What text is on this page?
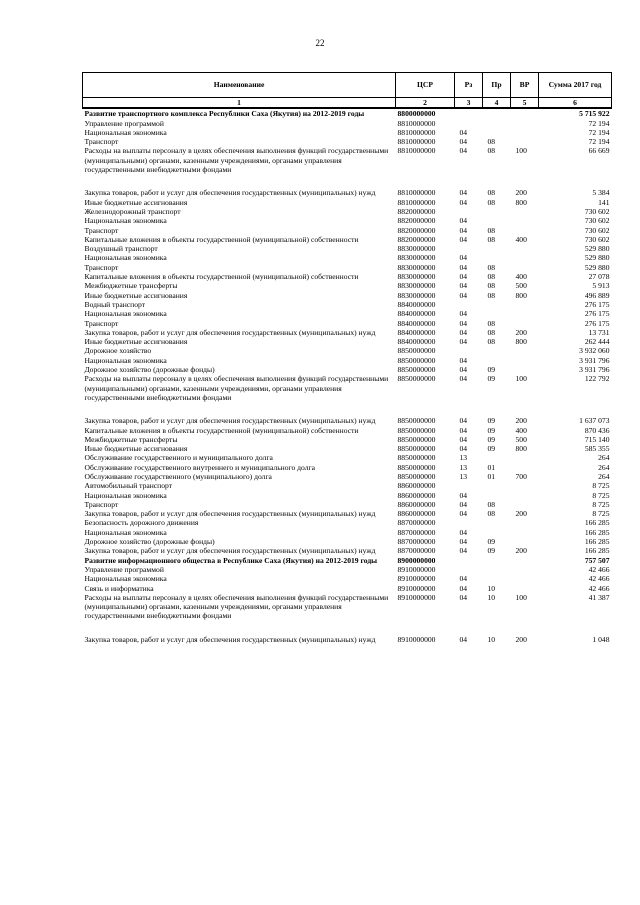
22
Наименование	ЦСР	Рз	Пр	ВР	Сумма 2017 год
1	2	3	4	5	6
Развитие транспортного комплекса Республики Саха (Якутия) на 2012-2019 годы	8800000000				5 715 922
Управление программой	8810000000				72 194
Национальная экономика	8810000000	04			72 194
Транспорт	8810000000	04	08		72 194
Расходы на выплаты персоналу в целях обеспечения выполнения функций государственными (муниципальными) органами, казенными учреждениями, органами управления государственными внебюджетными фондами	8810000000	04	08	100	66 669
Закупка товаров, работ и услуг для обеспечения государственных (муниципальных) нужд	8810000000	04	08	200	5 384
Иные бюджетные ассигнования	8810000000	04	08	800	141
Железнодорожный транспорт	8820000000				730 602
Национальная экономика	8820000000	04			730 602
Транспорт	8820000000	04	08		730 602
Капитальные вложения в объекты государственной (муниципальной) собственности	8820000000	04	08	400	730 602
Воздушный транспорт	8830000000				529 880
Национальная экономика	8830000000	04			529 880
Транспорт	8830000000	04	08		529 880
Капитальные вложения в объекты государственной (муниципальной) собственности	8830000000	04	08	400	27 078
Межбюджетные трансферты	8830000000	04	08	500	5 913
Иные бюджетные ассигнования	8830000000	04	08	800	496 889
Водный транспорт	8840000000				276 175
Национальная экономика	8840000000	04			276 175
Транспорт	8840000000	04	08		276 175
Закупка товаров, работ и услуг для обеспечения государственных (муниципальных) нужд	8840000000	04	08	200	13 731
Иные бюджетные ассигнования	8840000000	04	08	800	262 444
Дорожное хозяйство	8850000000				3 932 060
Национальная экономика	8850000000	04			3 931 796
Дорожное хозяйство (дорожные фонды)	8850000000	04	09		3 931 796
Расходы на выплаты персоналу в целях обеспечения выполнения функций государственными (муниципальными) органами, казенными учреждениями, органами управления государственными внебюджетными фондами	8850000000	04	09	100	122 792
Закупка товаров, работ и услуг для обеспечения государственных (муниципальных) нужд	8850000000	04	09	200	1 637 073
Капитальные вложения в объекты государственной (муниципальной) собственности	8850000000	04	09	400	870 436
Межбюджетные трансферты	8850000000	04	09	500	715 140
Иные бюджетные ассигнования	8850000000	04	09	800	585 355
Обслуживание государственного и муниципального долга	8850000000	13			264
Обслуживание государственного внутреннего и муниципального долга	8850000000	13	01		264
Обслуживание государственного (муниципального) долга	8850000000	13	01	700	264
Автомобильный транспорт	8860000000				8 725
Национальная экономика	8860000000	04			8 725
Транспорт	8860000000	04	08		8 725
Закупка товаров, работ и услуг для обеспечения государственных (муниципальных) нужд	8860000000	04	08	200	8 725
Безопасность дорожного движения	8870000000				166 285
Национальная экономика	8870000000	04			166 285
Дорожное хозяйство (дорожные фонды)	8870000000	04	09		166 285
Закупка товаров, работ и услуг для обеспечения государственных (муниципальных) нужд	8870000000	04	09	200	166 285
Развитие информационного общества в Республике Саха (Якутия) на 2012-2019 годы	8900000000				757 507
Управление программой	8910000000				42 466
Национальная экономика	8910000000	04			42 466
Связь и информатика	8910000000	04	10		42 466
Расходы на выплаты персоналу в целях обеспечения выполнения функций государственными (муниципальными) органами, казенными учреждениями, органами управления государственными внебюджетными фондами	8910000000	04	10	100	41 387
Закупка товаров, работ и услуг для обеспечения государственных (муниципальных) нужд	8910000000	04	10	200	1 048
